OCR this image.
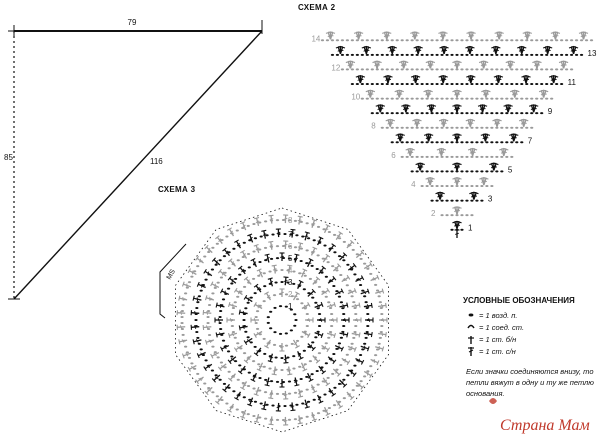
79
85	116
СХЕМА 2
1
2
3
4
5
6
7
8
9
10
11
12
13
14
СХЕМА 3
1
2
3
4
5
6
7
8
MS
УСЛОВНЫЕ ОБОЗНАЧЕНИЯ
= 1 возд. п.
= 1 соед. ст.
= 1 ст. б/н
= 1 ст. с/н
Если значки соединяются внизу, то
петли вяжут в одну и ту же петлю
основания.
Страна Мам
